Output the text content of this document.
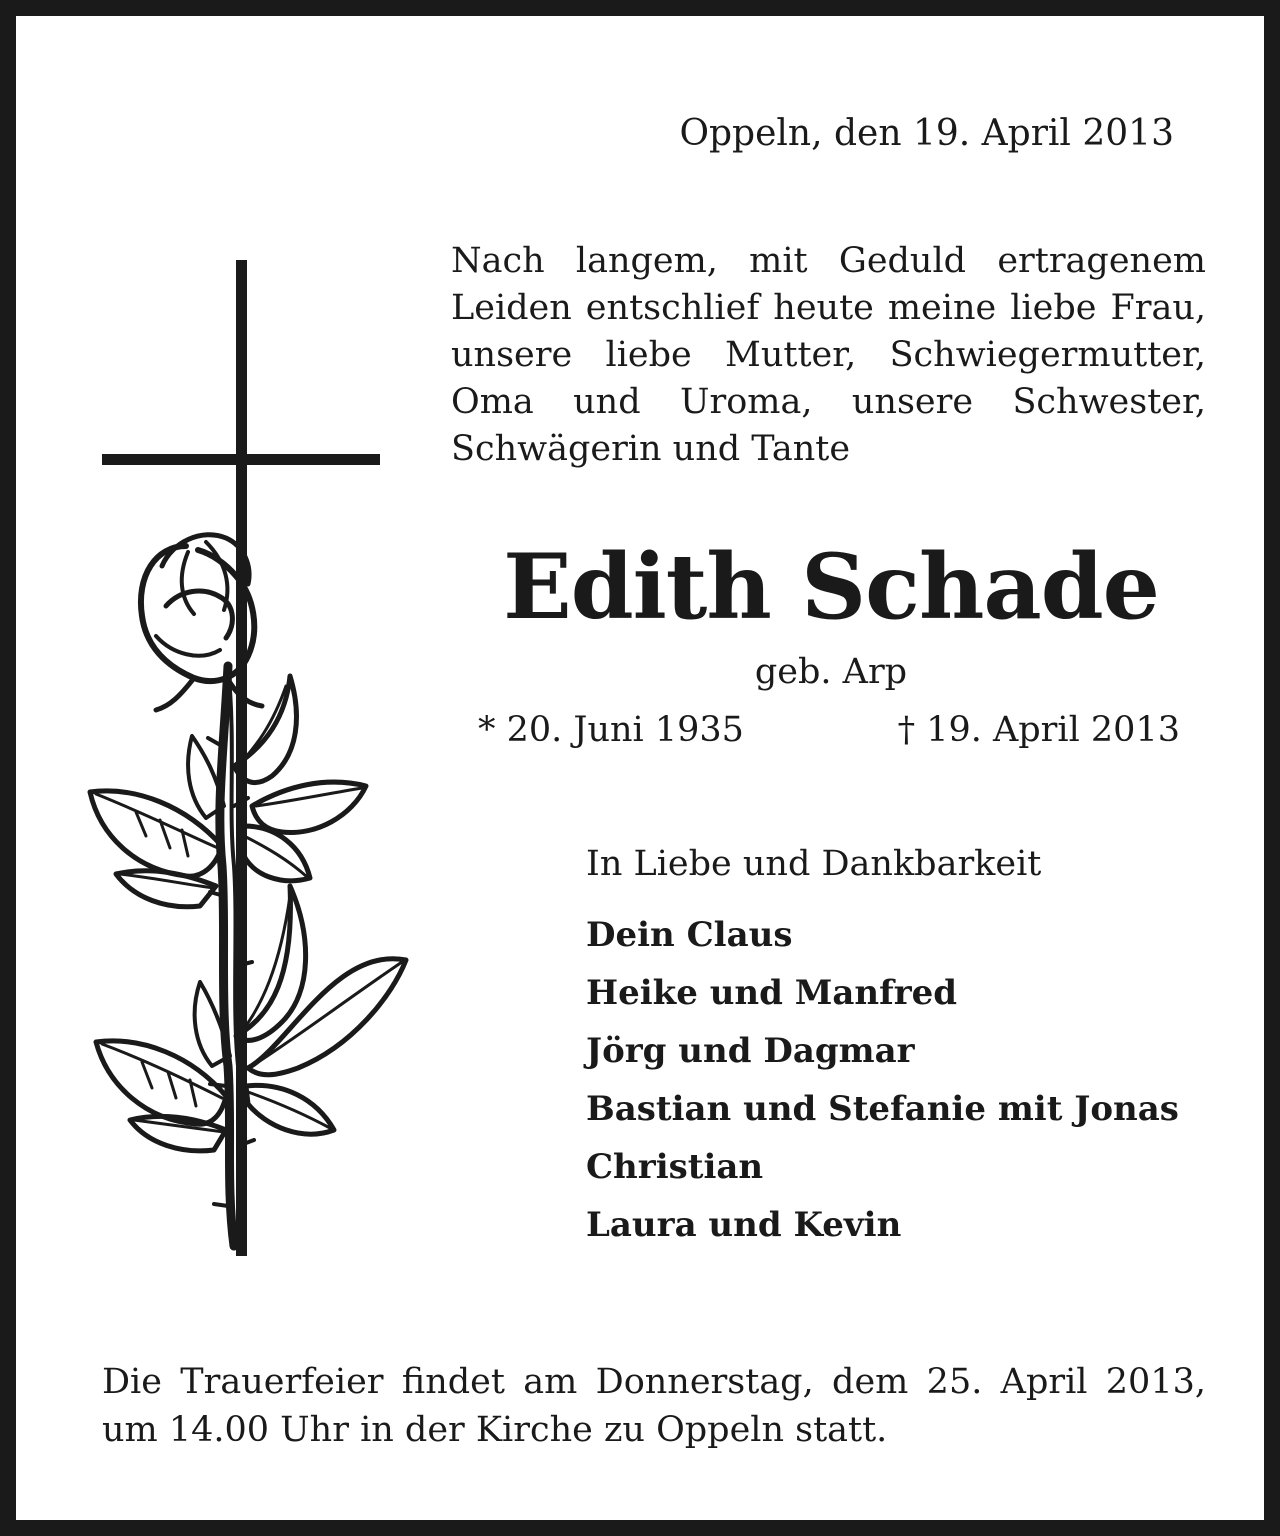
Oppeln, den 19. April 2013
Nach langem, mit Geduld ertragenem Leiden entschlief heute meine liebe Frau, unsere liebe Mutter, Schwiegermutter, Oma und Uroma, unsere Schwester, Schwägerin und Tante
Edith Schade
geb. Arp
* 20. Juni 1935	† 19. April 2013
In Liebe und Dankbarkeit
Dein Claus
Heike und Manfred
Jörg und Dagmar
Bastian und Stefanie mit Jonas
Christian
Laura und Kevin
Die Trauerfeier findet am Donnerstag, dem 25. April 2013, um 14.00 Uhr in der Kirche zu Oppeln statt.
